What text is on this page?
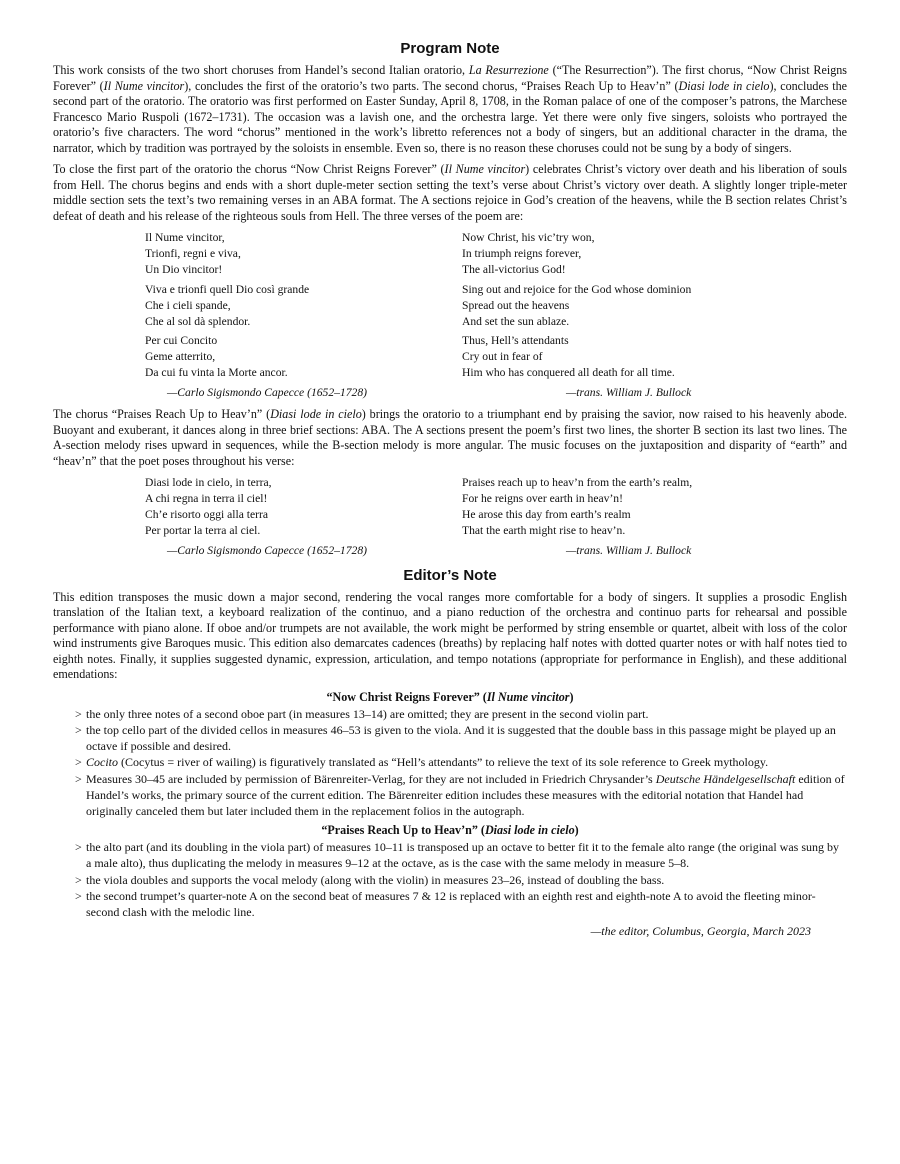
Program Note

This work consists of the two short choruses from Handel’s second Italian oratorio, La Resurrezione (“The Resurrection”). The first chorus, “Now Christ Reigns Forever” (Il Nume vincitor), concludes the first of the oratorio’s two parts. The second chorus, “Praises Reach Up to Heav’n” (Diasi lode in cielo), concludes the second part of the oratorio. The oratorio was first performed on Easter Sunday, April 8, 1708, in the Roman palace of one of the composer’s patrons, the Marchese Francesco Mario Ruspoli (1672–1731). The occasion was a lavish one, and the orchestra large. Yet there were only five singers, soloists who portrayed the oratorio’s five characters. The word “chorus” mentioned in the work’s libretto references not a body of singers, but an additional character in the drama, the narrator, which by tradition was portrayed by the soloists in ensemble. Even so, there is no reason these choruses could not be sung by a body of singers.

To close the first part of the oratorio the chorus “Now Christ Reigns Forever” (Il Nume vincitor) celebrates Christ’s victory over death and his liberation of souls from Hell. The chorus begins and ends with a short duple-meter section setting the text’s verse about Christ’s victory over death. A slightly longer triple-meter middle section sets the text’s two remaining verses in an ABA format. The A sections rejoice in God’s creation of the heavens, while the B section relates Christ’s defeat of death and his release of the righteous souls from Hell. The three verses of the poem are:

Il Nume vincitor,
Trionfi, regni e viva,
Un Dio vincitor!
Viva e trionfi quell Dio così grande
Che i cieli spande,
Che al sol dà splendor.
Per cui Concito
Geme atterrito,
Da cui fu vinta la Morte ancor.
Now Christ, his vic’try won,
In triumph reigns forever,
The all-victorius God!
Sing out and rejoice for the God whose dominion
Spread out the heavens
And set the sun ablaze.
Thus, Hell’s attendants
Cry out in fear of
Him who has conquered all death for all time.
—Carlo Sigismondo Capecce (1652–1728)	—trans. William J. Bullock

The chorus “Praises Reach Up to Heav’n” (Diasi lode in cielo) brings the oratorio to a triumphant end by praising the savior, now raised to his heavenly abode. Buoyant and exuberant, it dances along in three brief sections: ABA. The A sections present the poem’s first two lines, the shorter B section its last two lines. The A-section melody rises upward in sequences, while the B-section melody is more angular. The music focuses on the juxtaposition and disparity of “earth” and “heav’n” that the poet poses throughout his verse:

Diasi lode in cielo, in terra,
A chi regna in terra il ciel!
Ch’e risorto oggi alla terra
Per portar la terra al ciel.
Praises reach up to heav’n from the earth’s realm,
For he reigns over earth in heav’n!
He arose this day from earth’s realm
That the earth might rise to heav’n.
—Carlo Sigismondo Capecce (1652–1728)	—trans. William J. Bullock
Editor’s Note

This edition transposes the music down a major second, rendering the vocal ranges more comfortable for a body of singers. It supplies a prosodic English translation of the Italian text, a keyboard realization of the continuo, and a piano reduction of the orchestra and continuo parts for rehearsal and possible performance with piano alone. If oboe and/or trumpets are not available, the work might be performed by string ensemble or quartet, albeit with loss of the color wind instruments give Baroques music. This edition also demarcates cadences (breaths) by replacing half notes with dotted quarter notes or with half notes tied to eighth notes. Finally, it supplies suggested dynamic, expression, articulation, and tempo notations (appropriate for performance in English), and these additional emendations:

“Now Christ Reigns Forever” (Il Nume vincitor)
> the only three notes of a second oboe part (in measures 13–14) are omitted; they are present in the second violin part.
> the top cello part of the divided cellos in measures 46–53 is given to the viola. And it is suggested that the double bass in this passage might be played up an octave if possible and desired.
> Cocito (Cocytus = river of wailing) is figuratively translated as “Hell’s attendants” to relieve the text of its sole reference to Greek mythology.
> Measures 30–45 are included by permission of Bärenreiter-Verlag, for they are not included in Friedrich Chrysander’s Deutsche Händelgesellschaft edition of Handel’s works, the primary source of the current edition. The Bärenreiter edition includes these measures with the editorial notation that Handel had originally canceled them but later included them in the replacement folios in the autograph.
“Praises Reach Up to Heav’n” (Diasi lode in cielo)
> the alto part (and its doubling in the viola part) of measures 10–11 is transposed up an octave to better fit it to the female alto range (the original was sung by a male alto), thus duplicating the melody in measures 9–12 at the octave, as is the case with the same melody in measure 5–8.
> the viola doubles and supports the vocal melody (along with the violin) in measures 23–26, instead of doubling the bass.
> the second trumpet’s quarter-note A on the second beat of measures 7 & 12 is replaced with an eighth rest and eighth-note A to avoid the fleeting minor-second clash with the melodic line.
—the editor, Columbus, Georgia, March 2023
